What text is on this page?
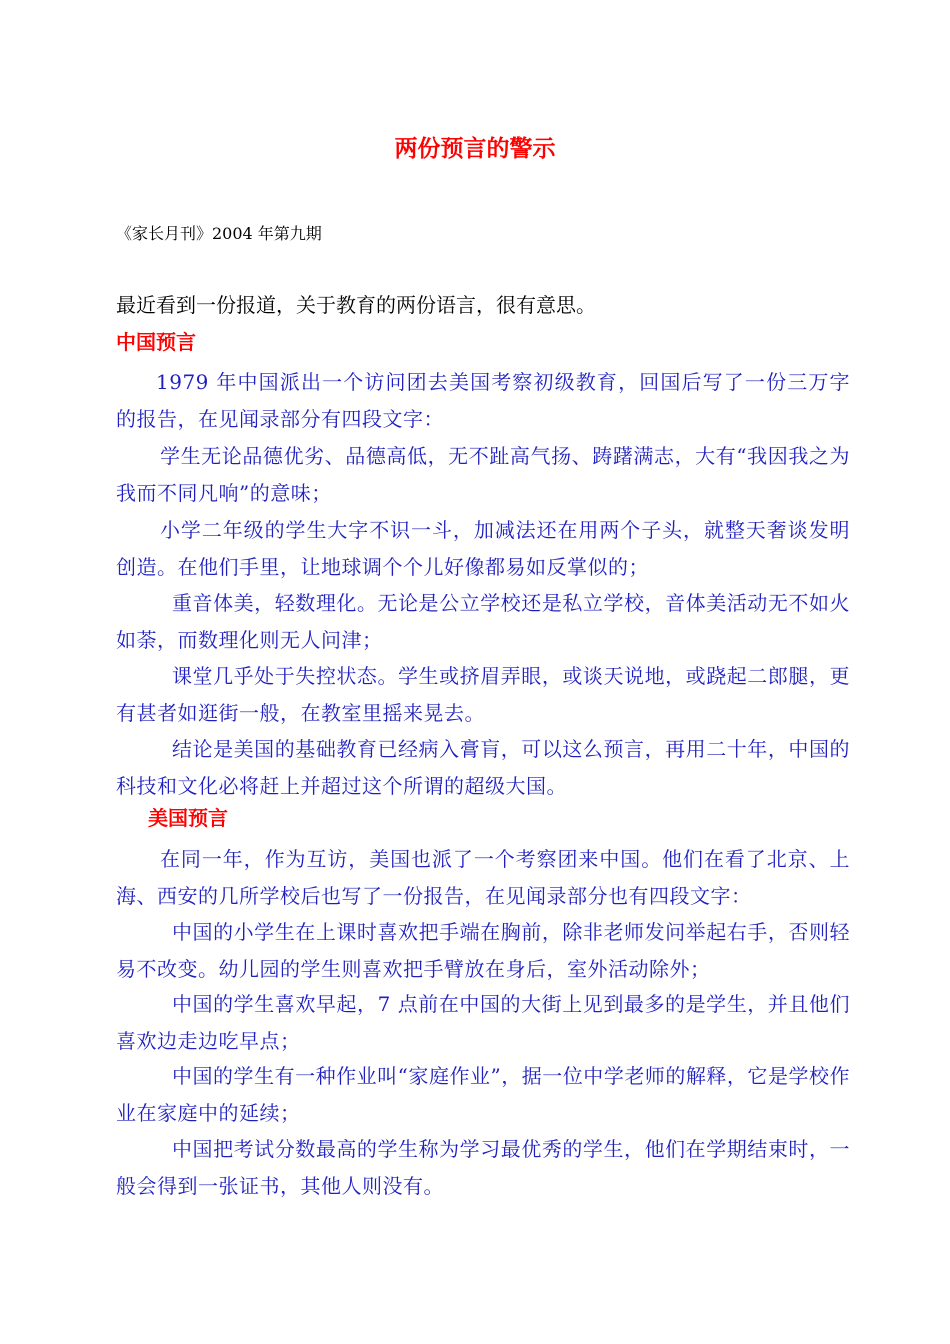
两份预言的警示
《家长月刊》2004 年第九期
最近看到一份报道，关于教育的两份语言，很有意思。
中国预言
1979 年中国派出一个访问团去美国考察初级教育，回国后写了一份三万字的报告，在见闻录部分有四段文字：
学生无论品德优劣、品德高低，无不趾高气扬、踌躇满志，大有“我因我之为我而不同凡响”的意味；
小学二年级的学生大字不识一斗，加减法还在用两个子头，就整天奢谈发明创造。在他们手里，让地球调个个儿好像都易如反掌似的；
重音体美，轻数理化。无论是公立学校还是私立学校，音体美活动无不如火如荼，而数理化则无人问津；
课堂几乎处于失控状态。学生或挤眉弄眼，或谈天说地，或跷起二郎腿，更有甚者如逛街一般，在教室里摇来晃去。
结论是美国的基础教育已经病入膏肓，可以这么预言，再用二十年，中国的科技和文化必将赶上并超过这个所谓的超级大国。
美国预言
在同一年，作为互访，美国也派了一个考察团来中国。他们在看了北京、上海、西安的几所学校后也写了一份报告，在见闻录部分也有四段文字：
中国的小学生在上课时喜欢把手端在胸前，除非老师发问举起右手，否则轻易不改变。幼儿园的学生则喜欢把手臂放在身后，室外活动除外；
中国的学生喜欢早起，7 点前在中国的大街上见到最多的是学生，并且他们喜欢边走边吃早点；
中国的学生有一种作业叫“家庭作业”，据一位中学老师的解释，它是学校作业在家庭中的延续；
中国把考试分数最高的学生称为学习最优秀的学生，他们在学期结束时，一般会得到一张证书，其他人则没有。
